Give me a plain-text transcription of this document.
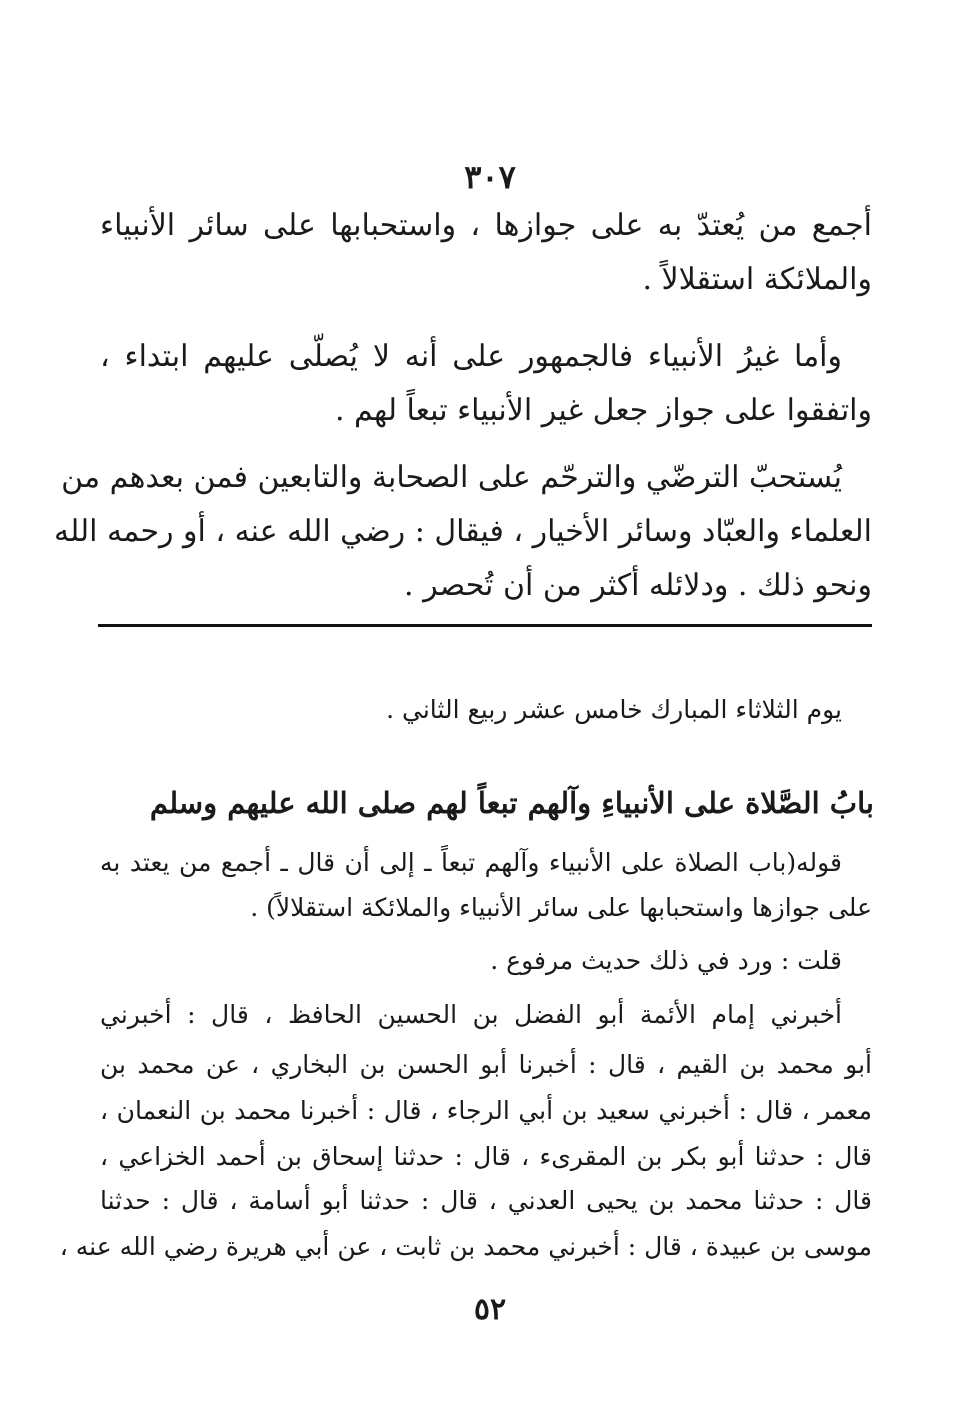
٣٠٧
أجمع من يُعتدّ به على جوازها ، واستحبابها على سائر الأنبياء
والملائكة استقلالاً .
وأما غيرُ الأنبياء فالجمهور على أنه لا يُصلّى عليهم ابتداء ،
واتفقوا على جواز جعل غير الأنبياء تبعاً لهم .
يُستحبّ الترضّي والترحّم على الصحابة والتابعين فمن بعدهم من
العلماء والعبّاد وسائر الأخيار ، فيقال : رضي الله عنه ، أو رحمه الله
ونحو ذلك . ودلائله أكثر من أن تُحصر .
يوم الثلاثاء المبارك خامس عشر ربيع الثاني .
بابُ الصَّلاة على الأنبياءِ وآلهم تبعاً لهم صلى الله عليهم وسلم
قوله(باب الصلاة على الأنبياء وآلهم تبعاً ـ إلى أن قال ـ أجمع من يعتد به
على جوازها واستحبابها على سائر الأنبياء والملائكة استقلالاً) .
قلت : ورد في ذلك حديث مرفوع .
أخبرني إمام الأئمة أبو الفضل بن الحسين الحافظ ، قال : أخبرني
أبو محمد بن القيم ، قال : أخبرنا أبو الحسن بن البخاري ، عن محمد بن
معمر ، قال : أخبرني سعيد بن أبي الرجاء ، قال : أخبرنا محمد بن النعمان ،
قال : حدثنا أبو بكر بن المقرىء ، قال : حدثنا إسحاق بن أحمد الخزاعي ،
قال : حدثنا محمد بن يحيى العدني ، قال : حدثنا أبو أسامة ، قال : حدثنا
موسى بن عبيدة ، قال : أخبرني محمد بن ثابت ، عن أبي هريرة رضي الله عنه ،
٥٢
